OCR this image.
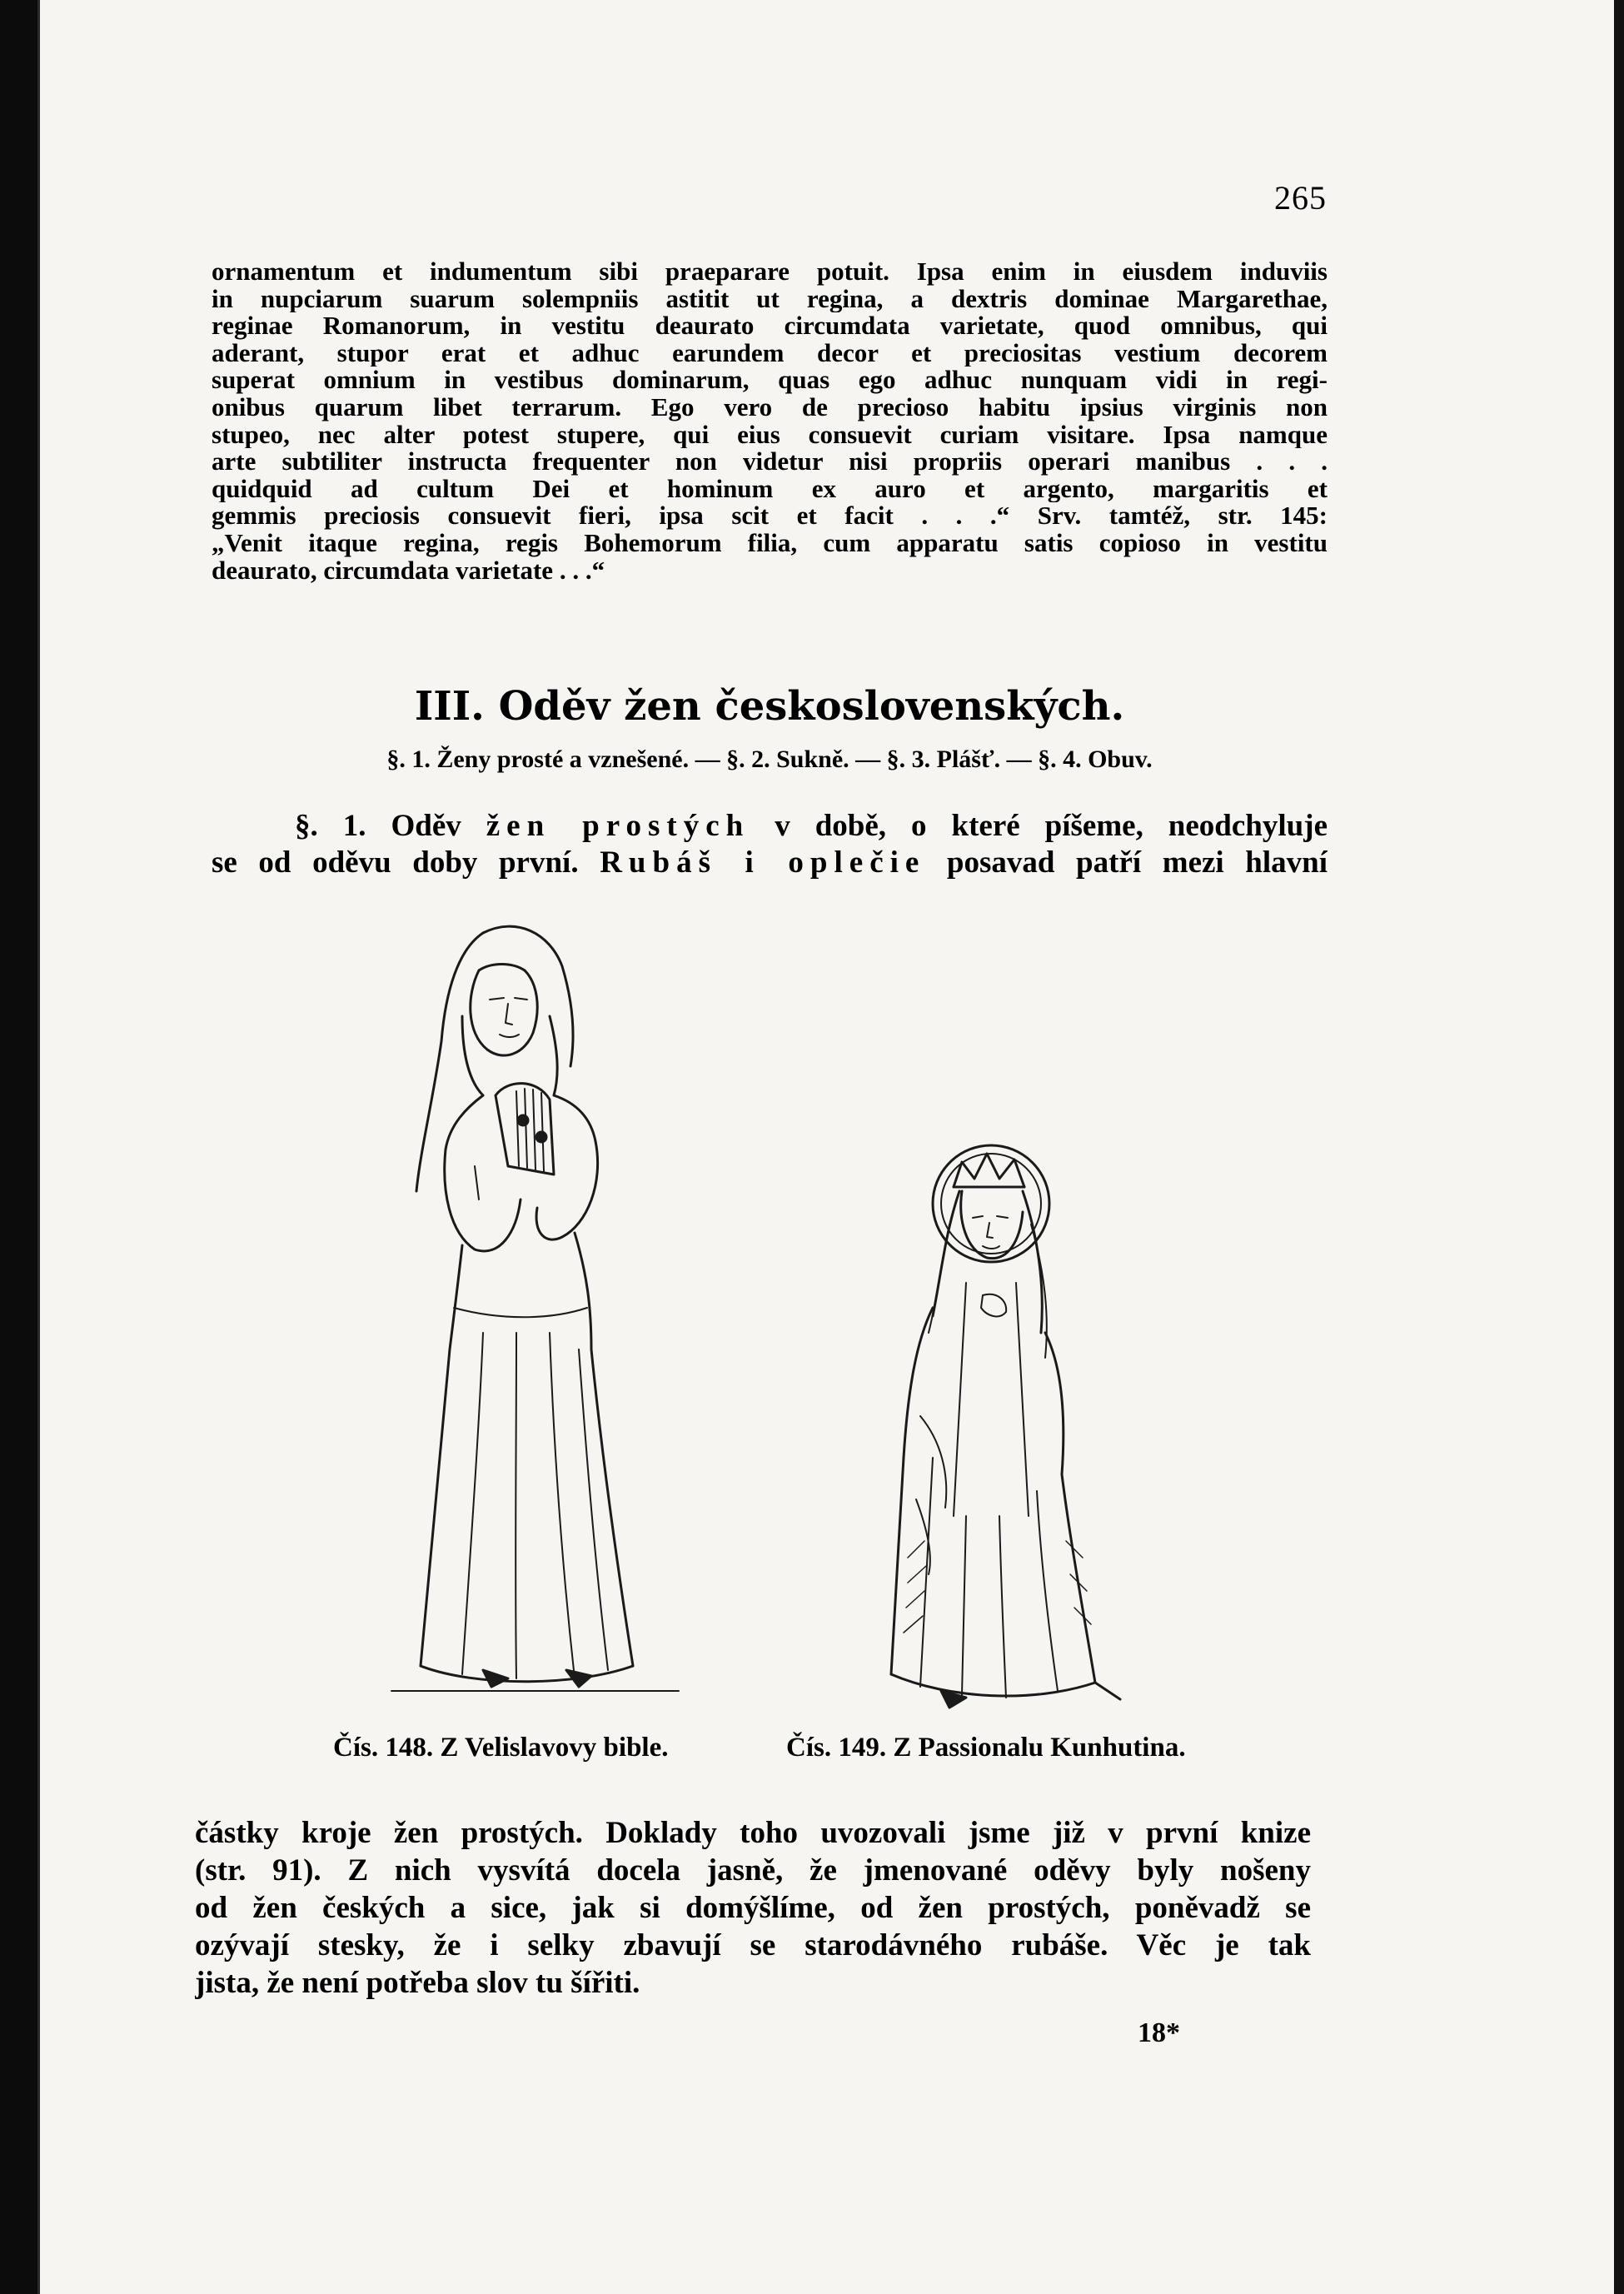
265
ornamentum et indumentum sibi praeparare potuit. Ipsa enim in eiusdem induviis
in nupciarum suarum solempniis astitit ut regina, a dextris dominae Margarethae,
reginae Romanorum, in vestitu deaurato circumdata varietate, quod omnibus, qui
aderant, stupor erat et adhuc earundem decor et preciositas vestium decorem
superat omnium in vestibus dominarum, quas ego adhuc nunquam vidi in regi-
onibus quarum libet terrarum. Ego vero de precioso habitu ipsius virginis non
stupeo, nec alter potest stupere, qui eius consuevit curiam visitare. Ipsa namque
arte subtiliter instructa frequenter non videtur nisi propriis operari manibus . . .
quidquid ad cultum Dei et hominum ex auro et argento, margaritis et
gemmis preciosis consuevit fieri, ipsa scit et facit . . .“ Srv. tamtéž, str. 145:
„Venit itaque regina, regis Bohemorum filia, cum apparatu satis copioso in vestitu
deaurato, circumdata varietate . . .“
III. Oděv žen československých.
§. 1. Ženy prosté a vznešené. — §. 2. Sukně. — §. 3. Plášť. — §. 4. Obuv.
§. 1. Oděv žen prostých v době, o které píšeme, neodchyluje
se od oděvu doby první. Rubáš i oplečie posavad patří mezi hlavní
Čís. 148. Z Velislavovy bible.	Čís. 149. Z Passionalu Kunhutina.
částky kroje žen prostých. Doklady toho uvozovali jsme již v první knize
(str. 91). Z nich vysvítá docela jasně, že jmenované oděvy byly nošeny
od žen českých a sice, jak si domýšlíme, od žen prostých, poněvadž se
ozývají stesky, že i selky zbavují se starodávného rubáše. Věc je tak
jista, že není potřeba slov tu šířiti.
18*
